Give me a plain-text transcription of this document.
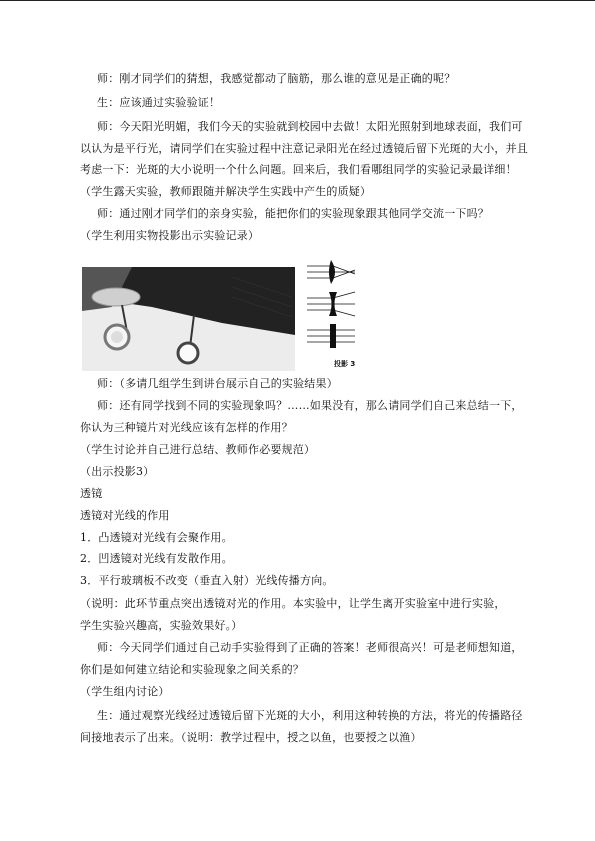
师：刚才同学们的猜想，我感觉都动了脑筋，那么谁的意见是正确的呢？
生：应该通过实验验证！
师：今天阳光明媚，我们今天的实验就到校园中去做！太阳光照射到地球表面，我们可
以认为是平行光，请同学们在实验过程中注意记录阳光在经过透镜后留下光斑的大小，并且
考虑一下：光斑的大小说明一个什么问题。回来后，我们看哪组同学的实验记录最详细！
（学生露天实验，教师跟随并解决学生实践中产生的质疑）
师：通过刚才同学们的亲身实验，能把你们的实验现象跟其他同学交流一下吗？
（学生利用实物投影出示实验记录）
师：（多请几组学生到讲台展示自己的实验结果）
师：还有同学找到不同的实验现象吗？……如果没有，那么请同学们自己来总结一下，
你认为三种镜片对光线应该有怎样的作用？
（学生讨论并自己进行总结、教师作必要规范）
（出示投影3）
透镜
透镜对光线的作用
1．凸透镜对光线有会聚作用。
2．凹透镜对光线有发散作用。
3．平行玻璃板不改变（垂直入射）光线传播方向。
（说明：此环节重点突出透镜对光的作用。本实验中，让学生离开实验室中进行实验，
学生实验兴趣高，实验效果好。）
师：今天同学们通过自己动手实验得到了正确的答案！老师很高兴！可是老师想知道，
你们是如何建立结论和实验现象之间关系的？
（学生组内讨论）
生：通过观察光线经过透镜后留下光斑的大小，利用这种转换的方法，将光的传播路径
间接地表示了出来。（说明：教学过程中，授之以鱼，也要授之以渔）
投影 3
